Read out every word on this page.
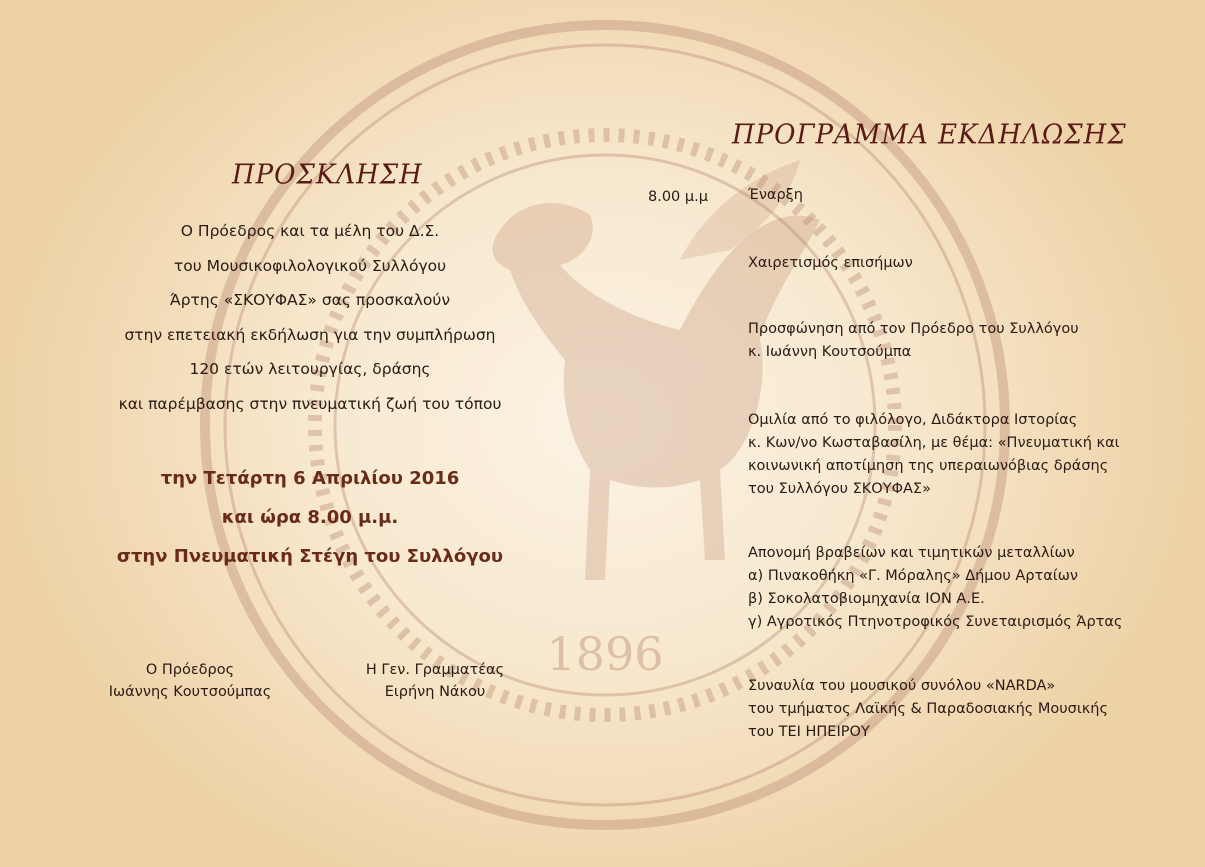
1896
ΠΡΟΣΚΛΗΣΗ
Ο Πρόεδρος και τα μέλη του Δ.Σ.
του Μουσικοφιλολογικού Συλλόγου
Άρτης «ΣΚΟΥΦΑΣ» σας προσκαλούν
στην επετειακή εκδήλωση για την συμπλήρωση
120 ετών λειτουργίας, δράσης
και παρέμβασης στην πνευματική ζωή του τόπου
την Τετάρτη 6 Απριλίου 2016
και ώρα 8.00 μ.μ.
στην Πνευματική Στέγη του Συλλόγου
Ο Πρόεδρος
Ιωάννης Κουτσούμπας
Η Γεν. Γραμματέας
Ειρήνη Νάκου
ΠΡΟΓΡΑΜΜΑ ΕΚΔΗΛΩΣΗΣ
8.00 μ.μ	Έναρξη
Χαιρετισμός επισήμων
Προσφώνηση από τον Πρόεδρο του Συλλόγου
κ. Ιωάννη Κουτσούμπα
Ομιλία από το φιλόλογο, Διδάκτορα Ιστορίας
κ. Κων/νο Κωσταβασίλη, με θέμα: «Πνευματική και
κοινωνική αποτίμηση της υπεραιωνόβιας δράσης
του Συλλόγου ΣΚΟΥΦΑΣ»
Απονομή βραβείων και τιμητικών μεταλλίων
α) Πινακοθήκη «Γ. Μόραλης» Δήμου Αρταίων
β) Σοκολατοβιομηχανία ΙΟΝ Α.Ε.
γ) Αγροτικός Πτηνοτροφικός Συνεταιρισμός Άρτας
Συναυλία του μουσικού συνόλου «NARDA»
του τμήματος Λαϊκής & Παραδοσιακής Μουσικής
του ΤΕΙ ΗΠΕΙΡΟΥ
